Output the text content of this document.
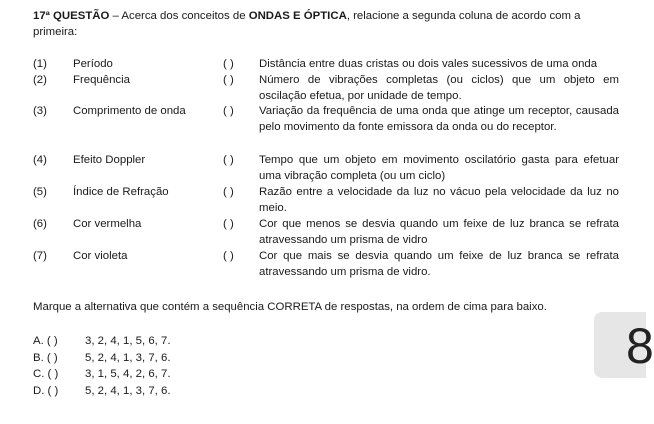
17ª QUESTÃO – Acerca dos conceitos de ONDAS E ÓPTICA, relacione a segunda coluna de acordo com a primeira:
(1)	Período	( )	Distância entre duas cristas ou dois vales sucessivos de uma onda
(2)	Frequência	( )	Número de vibrações completas (ou ciclos) que um objeto em oscilação efetua, por unidade de tempo.
(3)	Comprimento de onda	( )	Variação da frequência de uma onda que atinge um receptor, causada pelo movimento da fonte emissora da onda ou do receptor.
(4)	Efeito Doppler	( )	Tempo que um objeto em movimento oscilatório gasta para efetuar uma vibração completa (ou um ciclo)
(5)	Índice de Refração	( )	Razão entre a velocidade da luz no vácuo pela velocidade da luz no meio.
(6)	Cor vermelha	( )	Cor que menos se desvia quando um feixe de luz branca se refrata atravessando um prisma de vidro
(7)	Cor violeta	( )	Cor que mais se desvia quando um feixe de luz branca se refrata atravessando um prisma de vidro.
Marque a alternativa que contém a sequência CORRETA de respostas, na ordem de cima para baixo.
A. ( )	3, 2, 4, 1, 5, 6, 7.
B. ( )	5, 2, 4, 1, 3, 7, 6.
C. ( )	3, 1, 5, 4, 2, 6, 7.
D. ( )	5, 2, 4, 1, 3, 7, 6.
8
